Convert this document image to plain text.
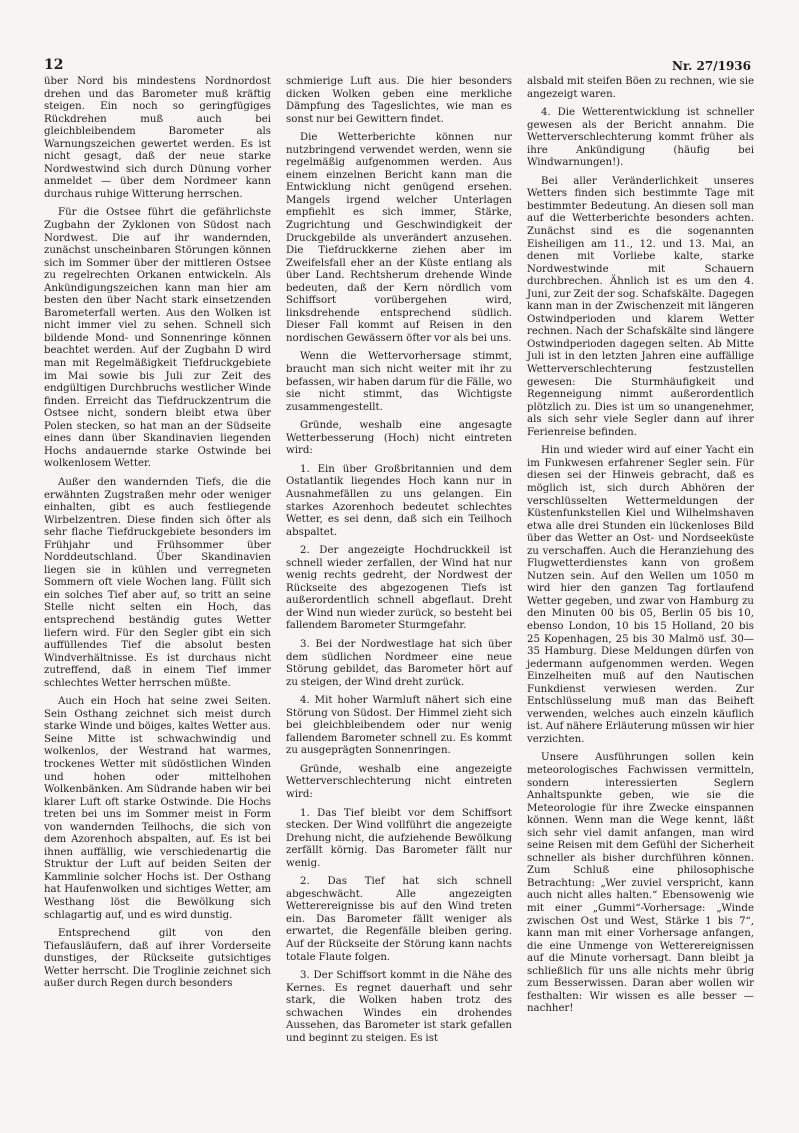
12	Nr. 27/1936

über Nord bis mindestens Nordnordost drehen und das Barometer muß kräftig steigen. Ein noch so geringfügiges Rückdrehen muß auch bei gleichbleibendem Barometer als Warnungszeichen gewertet werden. Es ist nicht gesagt, daß der neue starke Nordwestwind sich durch Dünung vorher anmeldet — über dem Nordmeer kann durchaus ruhige Witterung herrschen.

Für die Ostsee führt die gefährlichste Zugbahn der Zyklonen von Südost nach Nordwest. Die auf ihr wandernden, zunächst unscheinbaren Störungen können sich im Sommer über der mittleren Ostsee zu regelrechten Orkanen entwickeln. Als Ankündigungszeichen kann man hier am besten den über Nacht stark einsetzenden Barometerfall werten. Aus den Wolken ist nicht immer viel zu sehen. Schnell sich bildende Mond- und Sonnenringe können beachtet werden. Auf der Zugbahn D wird man mit Regelmäßigkeit Tiefdruckgebiete im Mai sowie bis Juli zur Zeit des endgültigen Durchbruchs westlicher Winde finden. Erreicht das Tiefdruckzentrum die Ostsee nicht, sondern bleibt etwa über Polen stecken, so hat man an der Südseite eines dann über Skandinavien liegenden Hochs andauernde starke Ostwinde bei wolkenlosem Wetter.

Außer den wandernden Tiefs, die die erwähnten Zugstraßen mehr oder weniger einhalten, gibt es auch festliegende Wirbelzentren. Diese finden sich öfter als sehr flache Tiefdruckgebiete besonders im Frühjahr und Frühsommer über Norddeutschland. Über Skandinavien liegen sie in kühlen und verregneten Sommern oft viele Wochen lang. Füllt sich ein solches Tief aber auf, so tritt an seine Stelle nicht selten ein Hoch, das entsprechend beständig gutes Wetter liefern wird. Für den Segler gibt ein sich auffüllendes Tief die absolut besten Windverhältnisse. Es ist durchaus nicht zutreffend, daß in einem Tief immer schlechtes Wetter herrschen müßte.

Auch ein Hoch hat seine zwei Seiten. Sein Osthang zeichnet sich meist durch starke Winde und böiges, kaltes Wetter aus. Seine Mitte ist schwachwindig und wolkenlos, der Westrand hat warmes, trockenes Wetter mit südöstlichen Winden und hohen oder mittelhohen Wolkenbänken. Am Südrande haben wir bei klarer Luft oft starke Ostwinde. Die Hochs treten bei uns im Sommer meist in Form von wandernden Teilhochs, die sich von dem Azorenhoch abspalten, auf. Es ist bei ihnen auffällig, wie verschiedenartig die Struktur der Luft auf beiden Seiten der Kammlinie solcher Hochs ist. Der Osthang hat Haufenwolken und sichtiges Wetter, am Westhang löst die Bewölkung sich schlagartig auf, und es wird dunstig.

Entsprechend gilt von den Tiefausläufern, daß auf ihrer Vorderseite dunstiges, der Rückseite gutsichtiges Wetter herrscht. Die Troglinie zeichnet sich außer durch Regen durch besonders

schmierige Luft aus. Die hier besonders dicken Wolken geben eine merkliche Dämpfung des Tageslichtes, wie man es sonst nur bei Gewittern findet.

Die Wetterberichte können nur nutzbringend verwendet werden, wenn sie regelmäßig aufgenommen werden. Aus einem einzelnen Bericht kann man die Entwicklung nicht genügend ersehen. Mangels irgend welcher Unterlagen empfiehlt es sich immer, Stärke, Zugrichtung und Geschwindigkeit der Druckgebilde als unverändert anzusehen. Die Tiefdruckkerne ziehen aber im Zweifelsfall eher an der Küste entlang als über Land. Rechtsherum drehende Winde bedeuten, daß der Kern nördlich vom Schiffsort vorübergehen wird, linksdrehende entsprechend südlich. Dieser Fall kommt auf Reisen in den nordischen Gewässern öfter vor als bei uns.

Wenn die Wettervorhersage stimmt, braucht man sich nicht weiter mit ihr zu befassen, wir haben darum für die Fälle, wo sie nicht stimmt, das Wichtigste zusammengestellt.

Gründe, weshalb eine angesagte Wetterbesserung (Hoch) nicht eintreten wird:

1. Ein über Großbritannien und dem Ostatlantik liegendes Hoch kann nur in Ausnahmefällen zu uns gelangen. Ein starkes Azorenhoch bedeutet schlechtes Wetter, es sei denn, daß sich ein Teilhoch abspaltet.

2. Der angezeigte Hochdruckkeil ist schnell wieder zerfallen, der Wind hat nur wenig rechts gedreht, der Nordwest der Rückseite des abgezogenen Tiefs ist außerordentlich schnell abgeflaut. Dreht der Wind nun wieder zurück, so besteht bei fallendem Barometer Sturmgefahr.

3. Bei der Nordwestlage hat sich über dem südlichen Nordmeer eine neue Störung gebildet, das Barometer hört auf zu steigen, der Wind dreht zurück.

4. Mit hoher Warmluft nähert sich eine Störung von Südost. Der Himmel zieht sich bei gleichbleibendem oder nur wenig fallendem Barometer schnell zu. Es kommt zu ausgeprägten Sonnenringen.

Gründe, weshalb eine angezeigte Wetterverschlechterung nicht eintreten wird:

1. Das Tief bleibt vor dem Schiffsort stecken. Der Wind vollführt die angezeigte Drehung nicht, die aufziehende Bewölkung zerfällt körnig. Das Barometer fällt nur wenig.

2. Das Tief hat sich schnell abgeschwächt. Alle angezeigten Wetterereignisse bis auf den Wind treten ein. Das Barometer fällt weniger als erwartet, die Regenfälle bleiben gering. Auf der Rückseite der Störung kann nachts totale Flaute folgen.

3. Der Schiffsort kommt in die Nähe des Kernes. Es regnet dauerhaft und sehr stark, die Wolken haben trotz des schwachen Windes ein drohendes Aussehen, das Barometer ist stark gefallen und beginnt zu steigen. Es ist

alsbald mit steifen Böen zu rechnen, wie sie angezeigt waren.

4. Die Wetterentwicklung ist schneller gewesen als der Bericht annahm. Die Wetterverschlechterung kommt früher als ihre Ankündigung (häufig bei Windwarnungen!).

Bei aller Veränderlichkeit unseres Wetters finden sich bestimmte Tage mit bestimmter Bedeutung. An diesen soll man auf die Wetterberichte besonders achten. Zunächst sind es die sogenannten Eisheiligen am 11., 12. und 13. Mai, an denen mit Vorliebe kalte, starke Nordwestwinde mit Schauern durchbrechen. Ähnlich ist es um den 4. Juni, zur Zeit der sog. Schafskälte. Dagegen kann man in der Zwischenzeit mit längeren Ostwindperioden und klarem Wetter rechnen. Nach der Schafskälte sind längere Ostwindperioden dagegen selten. Ab Mitte Juli ist in den letzten Jahren eine auffällige Wetterverschlechterung festzustellen gewesen: Die Sturmhäufigkeit und Regenneigung nimmt außerordentlich plötzlich zu. Dies ist um so unangenehmer, als sich sehr viele Segler dann auf ihrer Ferienreise befinden.

Hin und wieder wird auf einer Yacht ein im Funkwesen erfahrener Segler sein. Für diesen sei der Hinweis gebracht, daß es möglich ist, sich durch Abhören der verschlüsselten Wettermeldungen der Küstenfunkstellen Kiel und Wilhelmshaven etwa alle drei Stunden ein lückenloses Bild über das Wetter an Ost- und Nordseeküste zu verschaffen. Auch die Heranziehung des Flugwetterdienstes kann von großem Nutzen sein. Auf den Wellen um 1050 m wird hier den ganzen Tag fortlaufend Wetter gegeben, und zwar von Hamburg zu den Minuten 00 bis 05, Berlin 05 bis 10, ebenso London, 10 bis 15 Holland, 20 bis 25 Kopenhagen, 25 bis 30 Malmö usf. 30—35 Hamburg. Diese Meldungen dürfen von jedermann aufgenommen werden. Wegen Einzelheiten muß auf den Nautischen Funkdienst verwiesen werden. Zur Entschlüsselung muß man das Beiheft verwenden, welches auch einzeln käuflich ist. Auf nähere Erläuterung müssen wir hier verzichten.

Unsere Ausführungen sollen kein meteorologisches Fachwissen vermitteln, sondern interessierten Seglern Anhaltspunkte geben, wie sie die Meteorologie für ihre Zwecke einspannen können. Wenn man die Wege kennt, läßt sich sehr viel damit anfangen, man wird seine Reisen mit dem Gefühl der Sicherheit schneller als bisher durchführen können. Zum Schluß eine philosophische Betrachtung: „Wer zuviel verspricht, kann auch nicht alles halten.“ Ebensowenig wie mit einer „Gummi“-Vorhersage: „Winde zwischen Ost und West, Stärke 1 bis 7“, kann man mit einer Vorhersage anfangen, die eine Unmenge von Wetterereignissen auf die Minute vorhersagt. Dann bleibt ja schließlich für uns alle nichts mehr übrig zum Besserwissen. Daran aber wollen wir festhalten: Wir wissen es alle besser — nachher!
